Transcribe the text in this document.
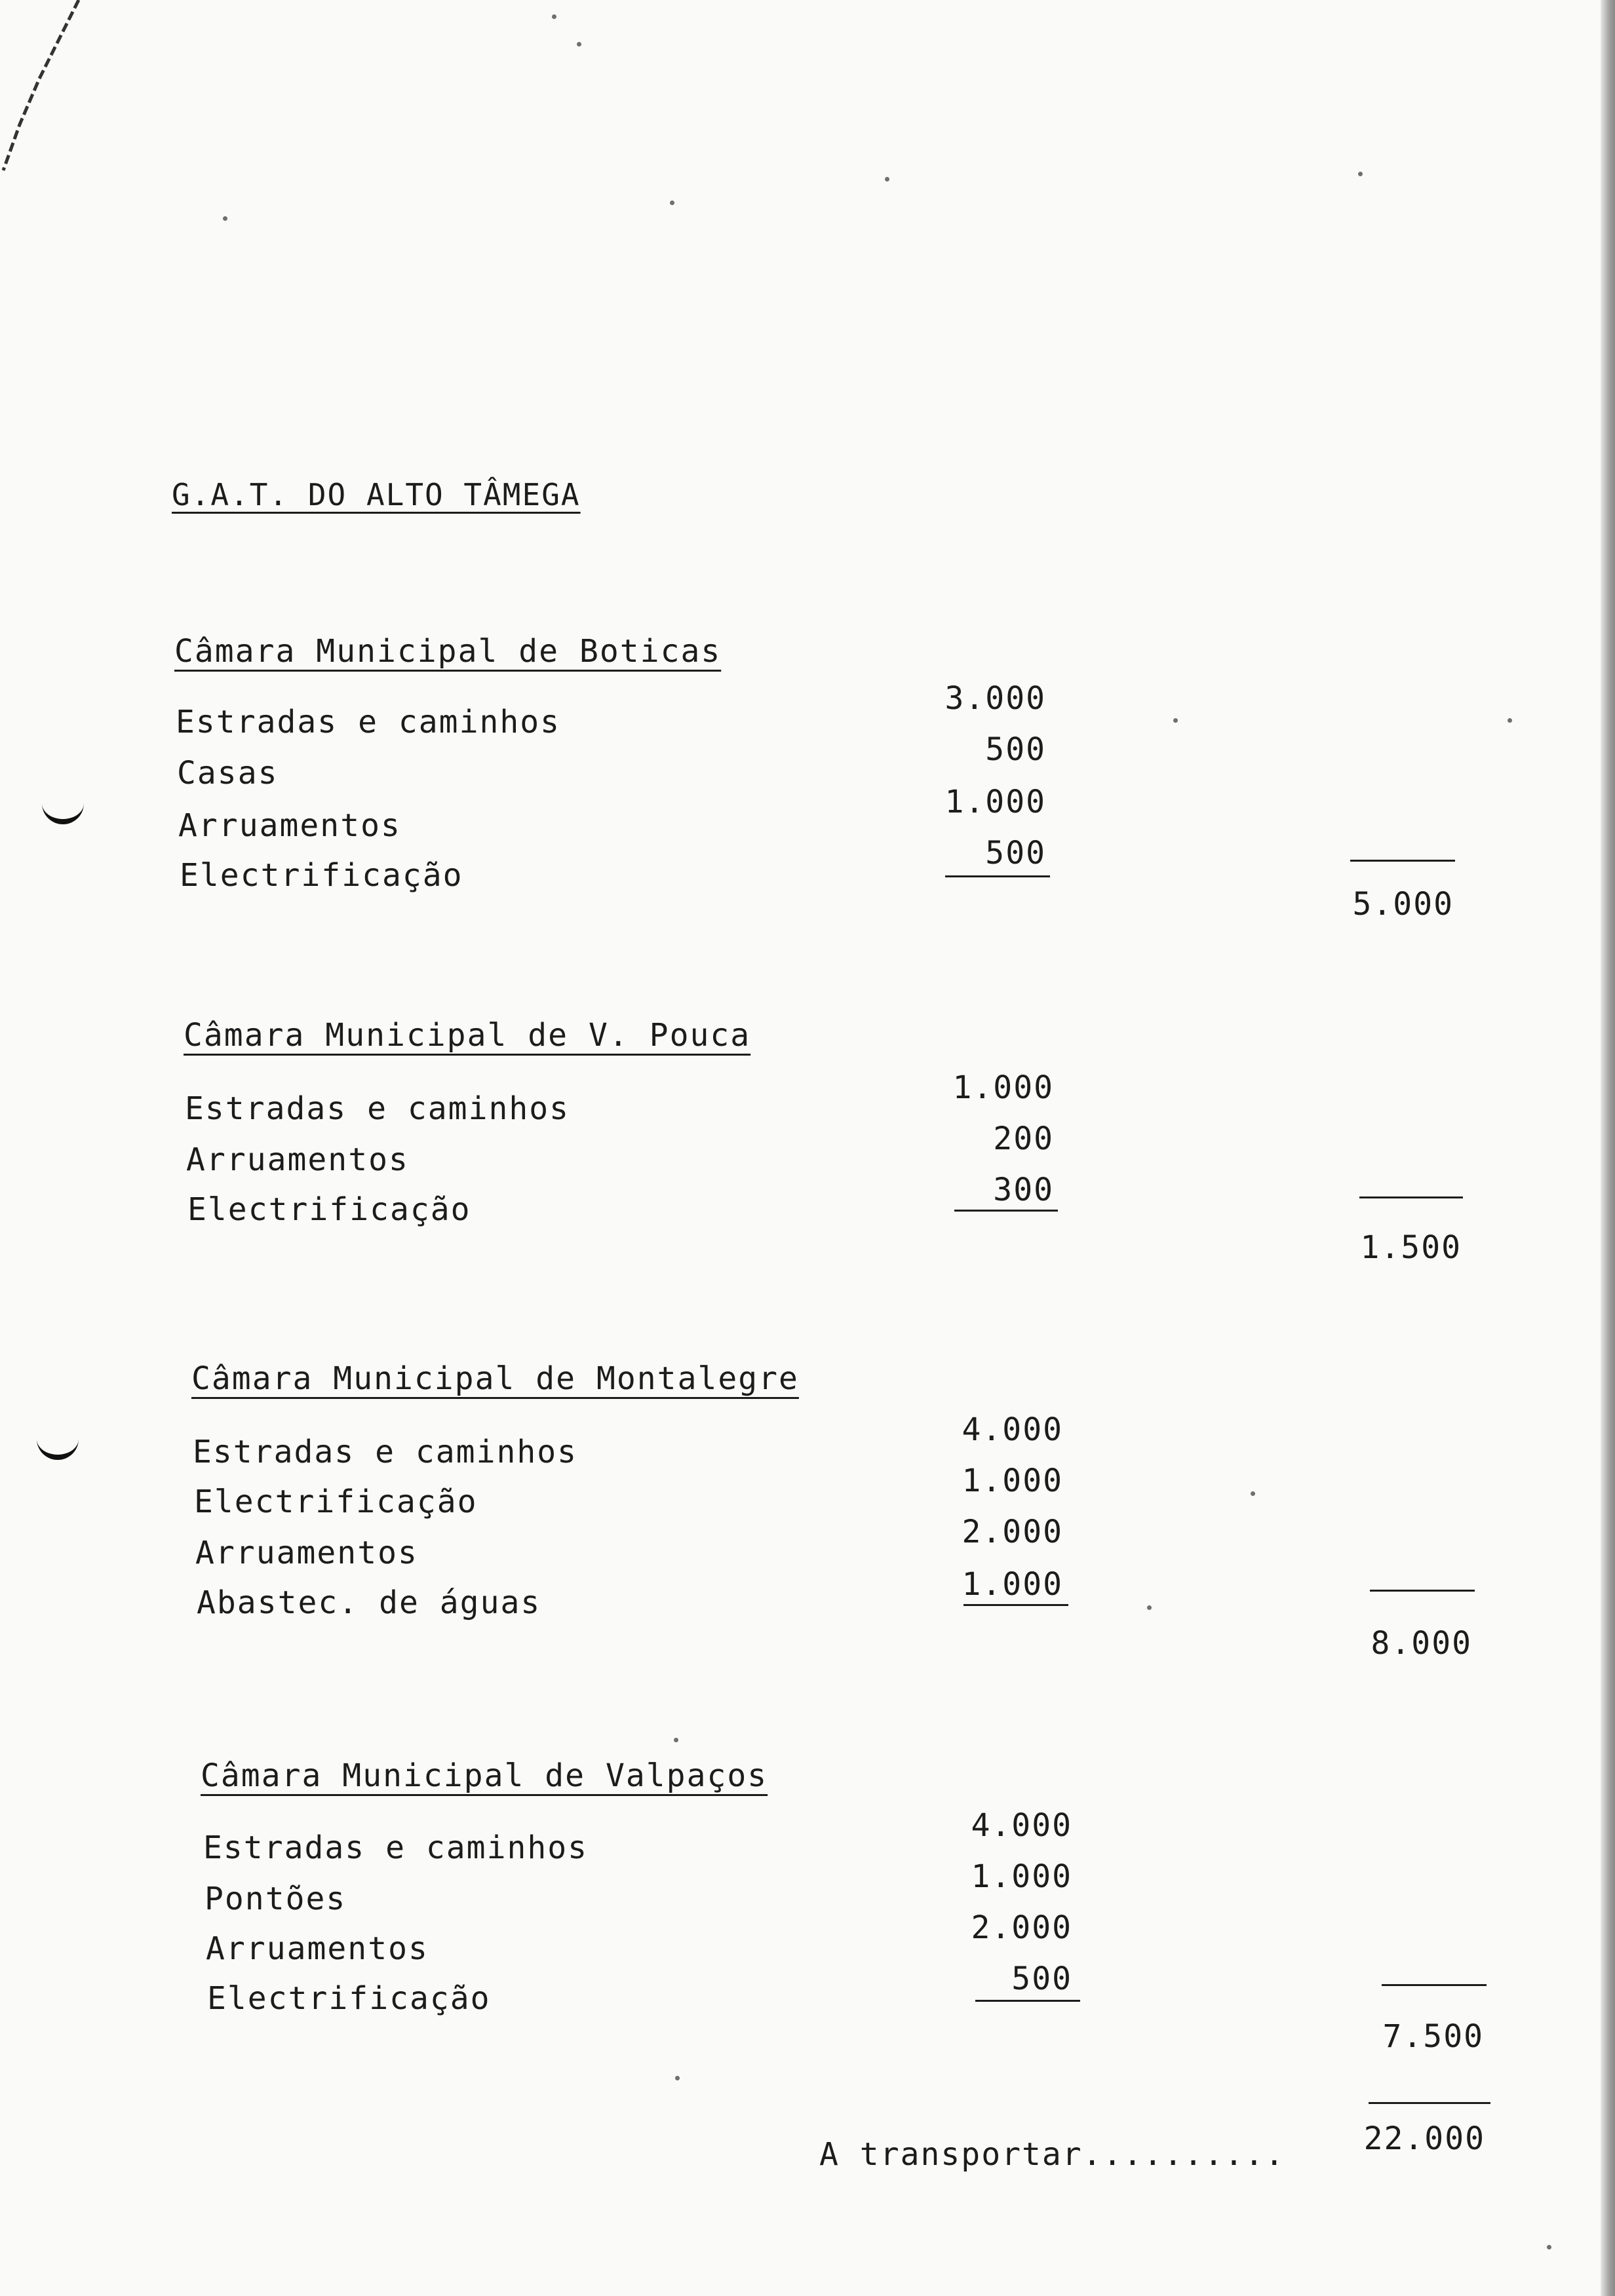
G.A.T. DO ALTO TÂMEGA
Câmara Municipal de Boticas
Estradas e caminhos
3.000
Casas
500
Arruamentos
1.000
Electrificação
500
5.000
Câmara Municipal de V. Pouca
Estradas e caminhos
1.000
Arruamentos
200
Electrificação
300
1.500
Câmara Municipal de Montalegre
Estradas e caminhos
4.000
Electrificação
1.000
Arruamentos
2.000
Abastec. de águas	1.000
8.000
Câmara Municipal de Valpaços
Estradas e caminhos
4.000
Pontões
1.000
Arruamentos
2.000
Electrificação
500
7.500
A transportar..........	22.000
